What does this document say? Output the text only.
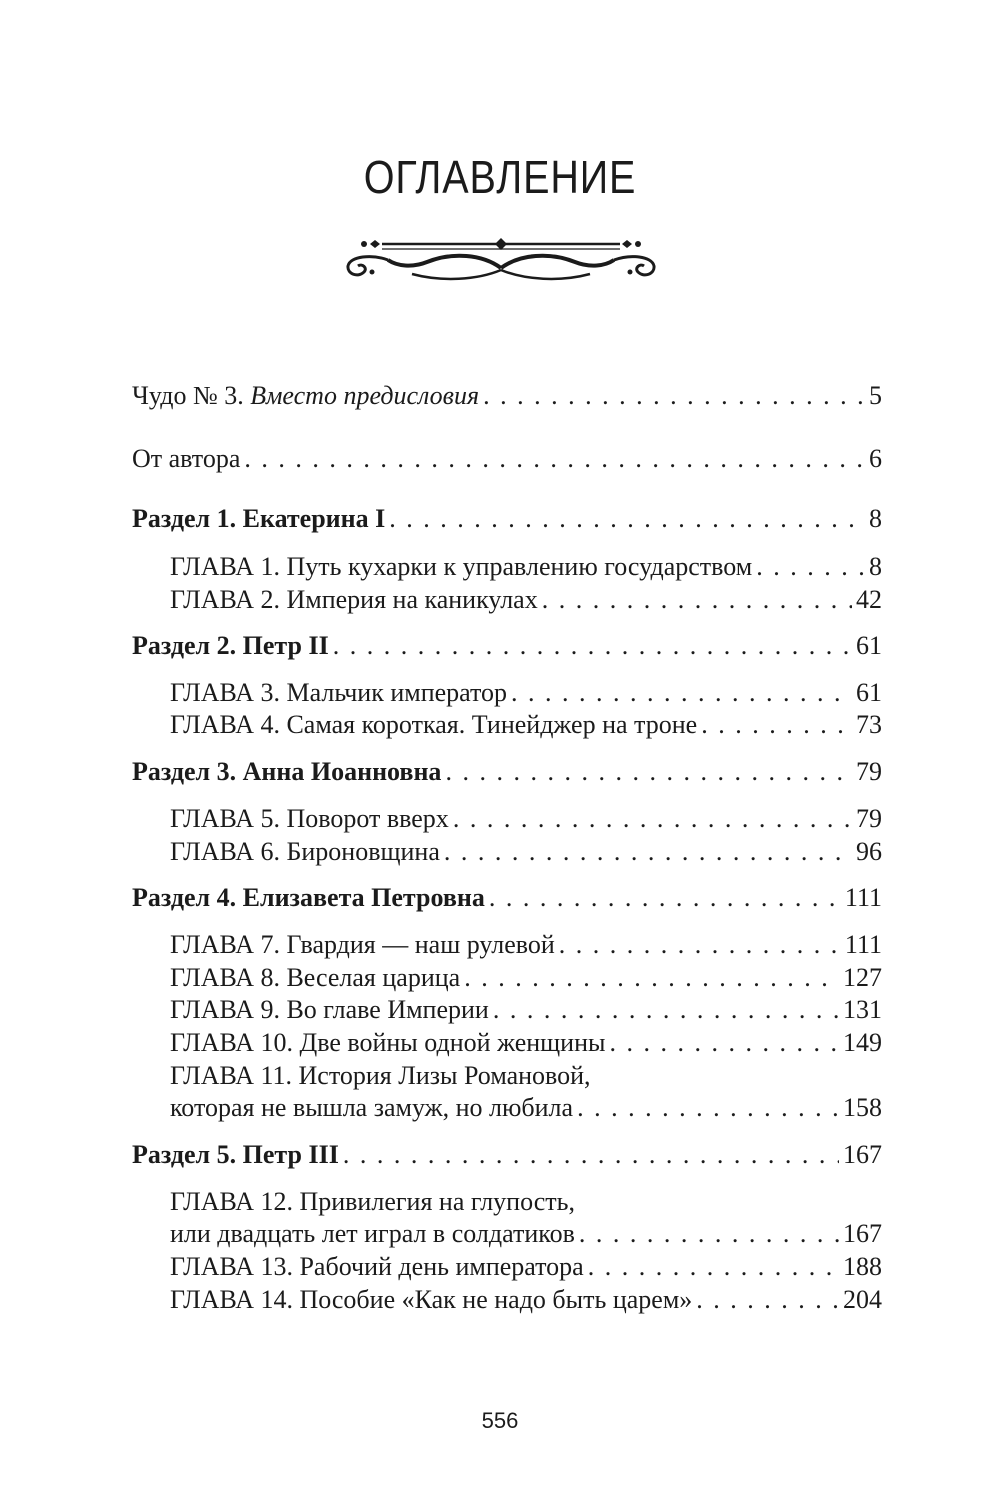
ОГЛАВЛЕНИЕ
Чудо № 3. Вместо предисловия . . .	5
От автора . . .	6
Раздел 1. Екатерина I . . .	8
ГЛАВА 1. Путь кухарки к управлению государством . . .	8
ГЛАВА 2. Империя на каникулах . . .	42
Раздел 2. Петр II . . .	61
ГЛАВА 3. Мальчик император . . .	61
ГЛАВА 4. Самая короткая. Тинейджер на троне . . .	73
Раздел 3. Анна Иоанновна . . .	79
ГЛАВА 5. Поворот вверх . . .	79
ГЛАВА 6. Бироновщина . . .	96
Раздел 4. Елизавета Петровна . . .	111
ГЛАВА 7. Гвардия — наш рулевой . . .	111
ГЛАВА 8. Веселая царица . . .	127
ГЛАВА 9. Во главе Империи . . .	131
ГЛАВА 10. Две войны одной женщины . . .	149
ГЛАВА 11. История Лизы Романовой,
которая не вышла замуж, но любила . . .	158
Раздел 5. Петр III . . .	167
ГЛАВА 12. Привилегия на глупость,
или двадцать лет играл в солдатиков . . .	167
ГЛАВА 13. Рабочий день императора . . .	188
ГЛАВА 14. Пособие «Как не надо быть царем» . . .	204
556
